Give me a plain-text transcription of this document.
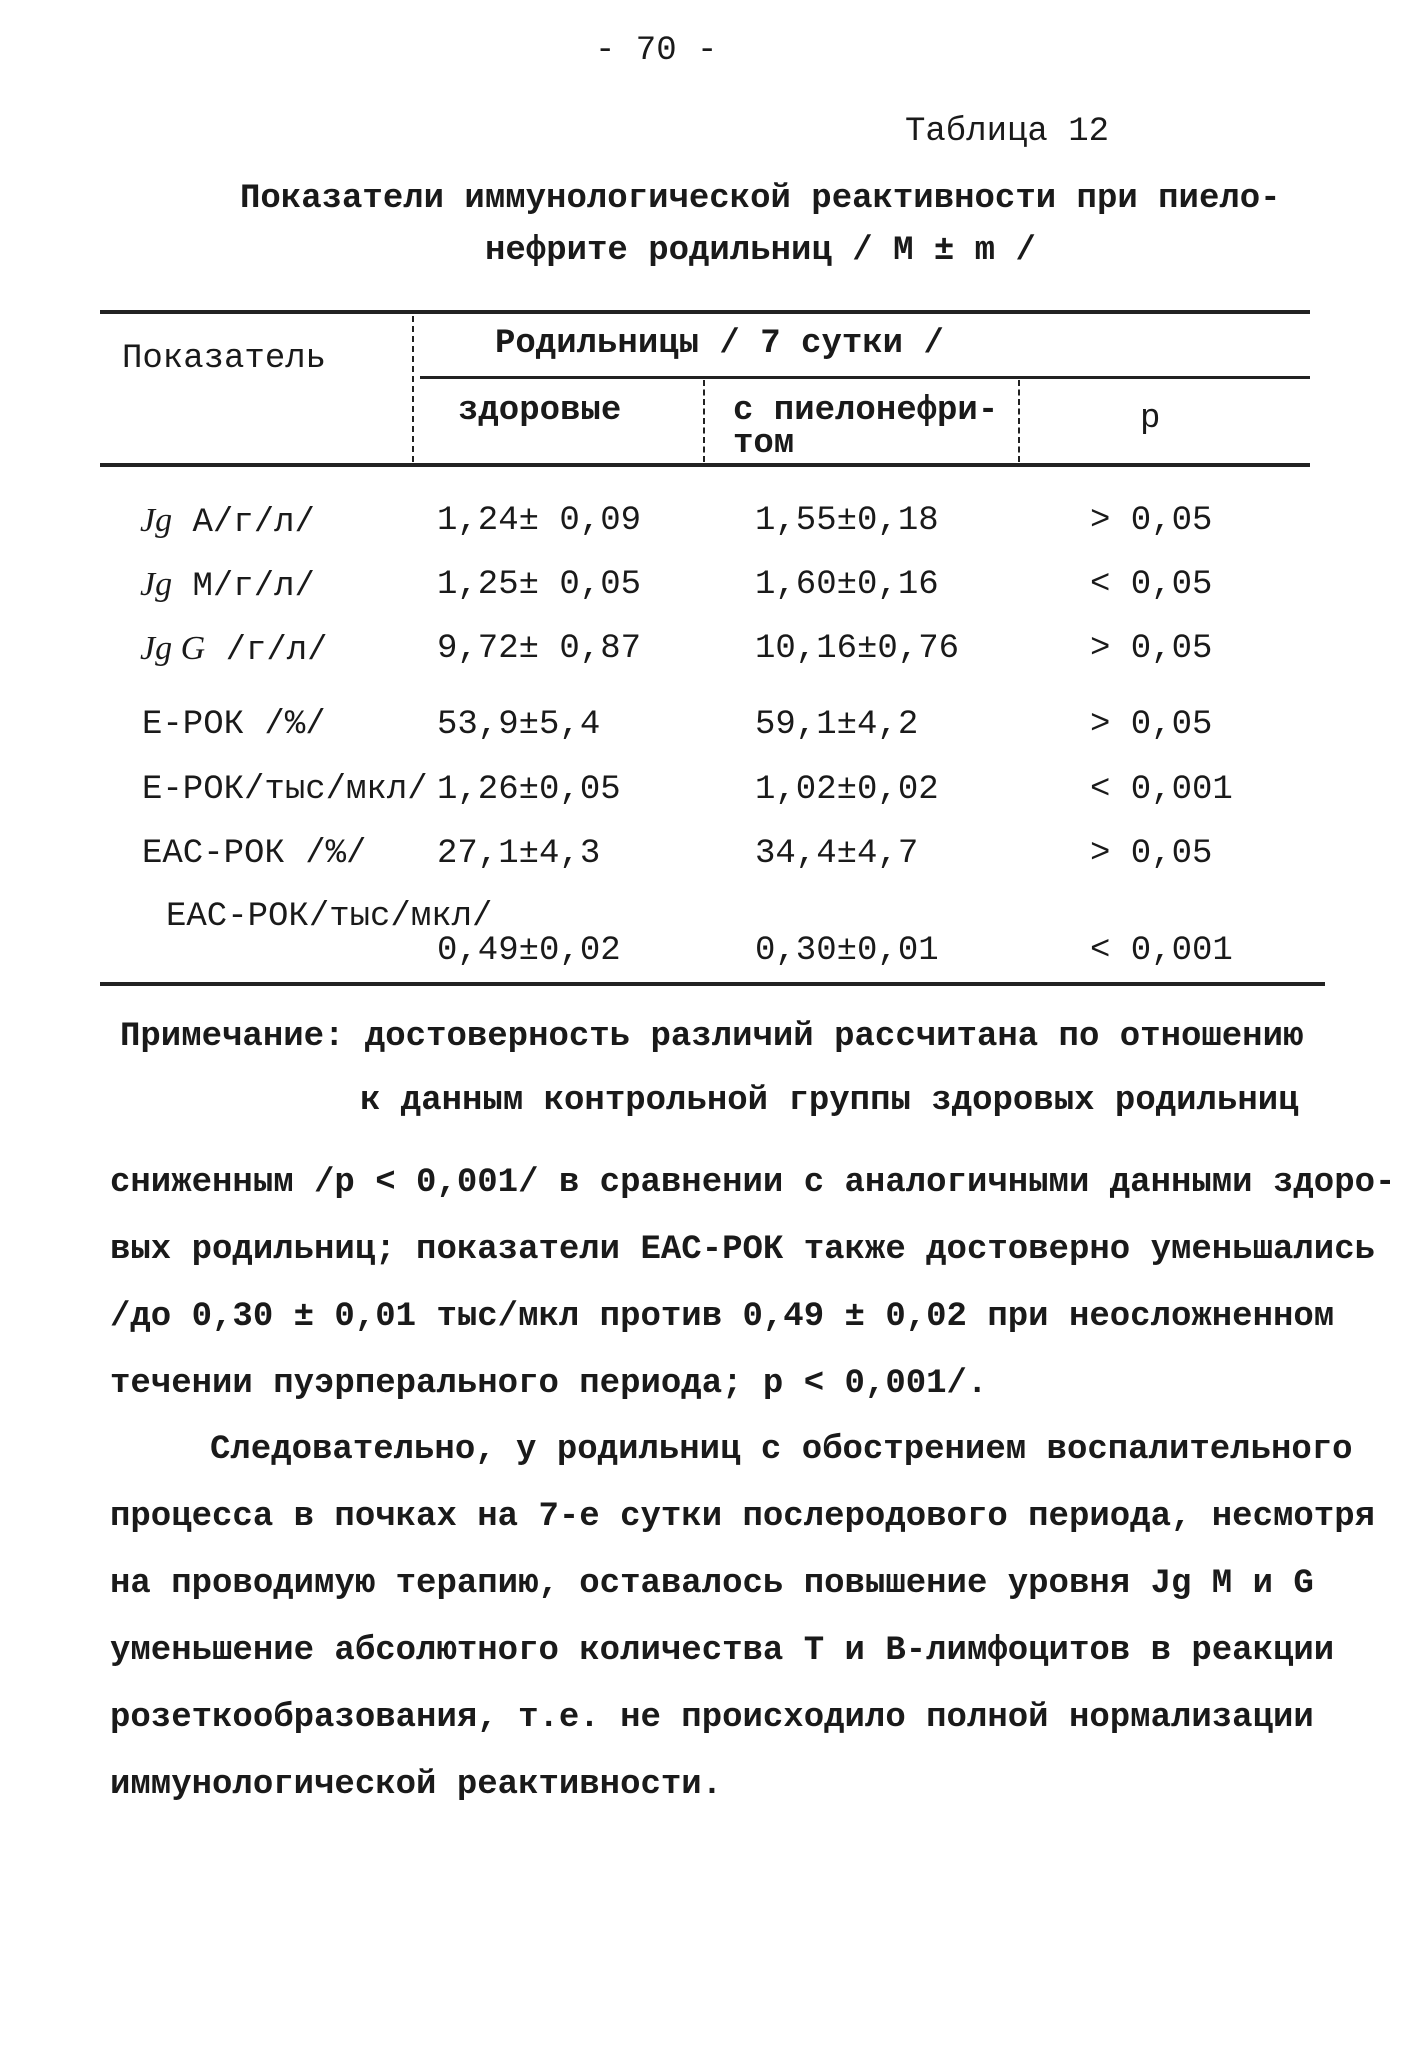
- 70 -
Таблица 12
Показатели иммунологической реактивности при пиело-
нефрите родильниц / М ± m /
Показатель	Родильницы / 7 сутки /
здоровые	с пиелонефри-
том
р
Jg A/г/л/	1,24± 0,09	1,55±0,18	> 0,05
Jg M/г/л/	1,25± 0,05	1,60±0,16	< 0,05
Jg G /г/л/	9,72± 0,87	10,16±0,76	> 0,05
Е-РОК /%/	53,9±5,4	59,1±4,2	> 0,05
Е-РОК/тыс/мкл/ 1,26±0,05	1,02±0,02	< 0,001
ЕАС-РОК /%/ 27,1±4,3	34,4±4,7	> 0,05
ЕАС-РОК/тыс/мкл/
0,49±0,02	0,30±0,01	< 0,001
Примечание: достоверность различий рассчитана по отношению
к данным контрольной группы здоровых родильниц
сниженным /р < 0,001/ в сравнении с аналогичными данными здоро-
вых родильниц; показатели ЕАС-РОК также достоверно уменьшались
/до 0,30 ± 0,01 тыс/мкл против 0,49 ± 0,02 при неосложненном
течении пуэрперального периода; р < 0,001/.
Следовательно, у родильниц с обострением воспалительного
процесса в почках на 7-е сутки послеродового периода, несмотря
на проводимую терапию, оставалось повышение уровня Jg M и G
уменьшение абсолютного количества Т и В-лимфоцитов в реакции
розеткообразования, т.е. не происходило полной нормализации
иммунологической реактивности.
